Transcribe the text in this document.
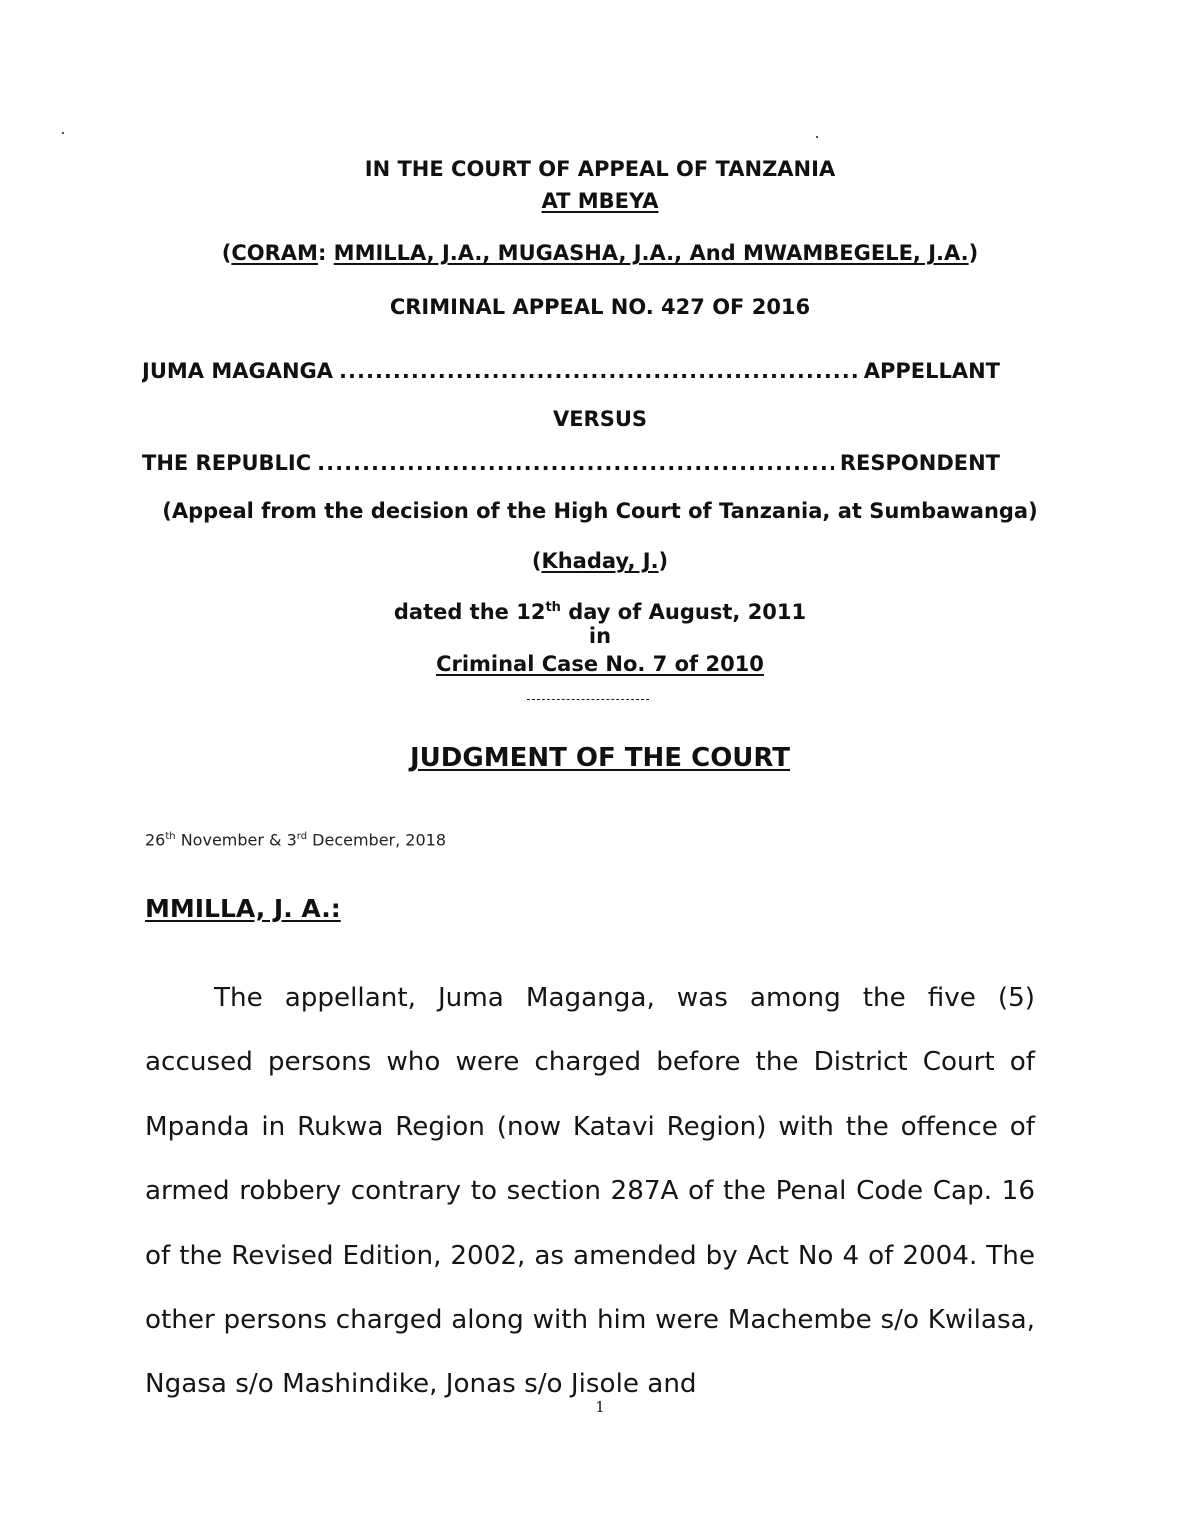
IN THE COURT OF APPEAL OF TANZANIA
AT MBEYA
(CORAM: MMILLA, J.A., MUGASHA, J.A., And MWAMBEGELE, J.A.)
CRIMINAL APPEAL NO. 427 OF 2016
JUMA MAGANGA .....	APPELLANT
VERSUS
THE REPUBLIC .....	RESPONDENT
(Appeal from the decision of the High Court of Tanzania, at Sumbawanga)
(Khaday, J.)
dated the 12th day of August, 2011
in
Criminal Case No. 7 of 2010
JUDGMENT OF THE COURT
26th November & 3rd December, 2018
MMILLA, J. A.:

The appellant, Juma Maganga, was among the five (5) accused persons who were charged before the District Court of Mpanda in Rukwa Region (now Katavi Region) with the offence of armed robbery contrary to section 287A of the Penal Code Cap. 16 of the Revised Edition, 2002, as amended by Act No 4 of 2004. The other persons charged along with him were Machembe s/o Kwilasa, Ngasa s/o Mashindike, Jonas s/o Jisole and

1
